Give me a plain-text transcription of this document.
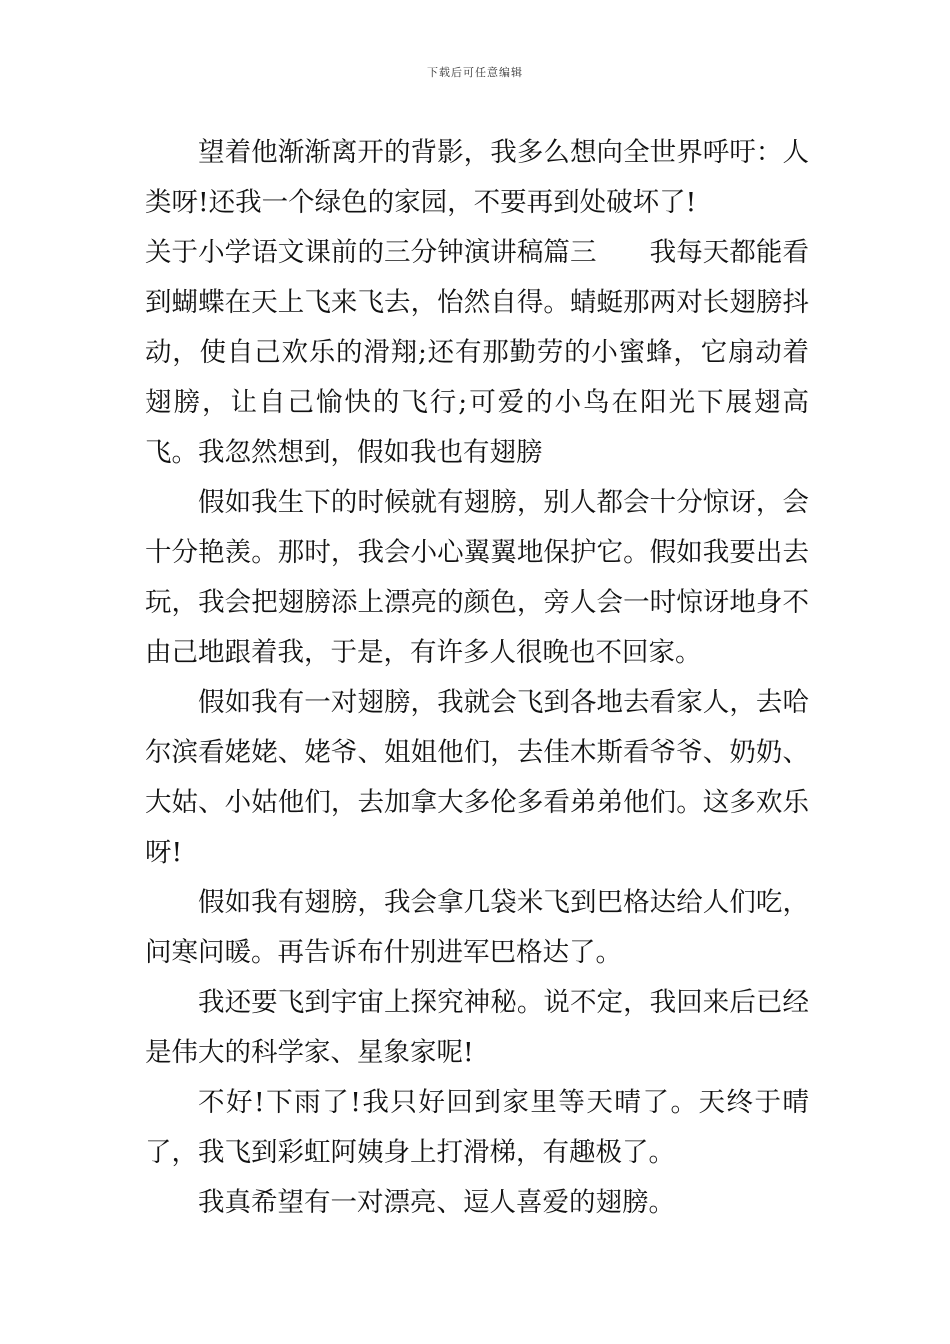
下载后可任意编辑

望着他渐渐离开的背影，我多么想向全世界呼吁：人类呀!还我一个绿色的家园，不要再到处破坏了!

关于小学语文课前的三分钟演讲稿篇三　　我每天都能看到蝴蝶在天上飞来飞去，怡然自得。蜻蜓那两对长翅膀抖动，使自己欢乐的滑翔;还有那勤劳的小蜜蜂，它扇动着翅膀，让自己愉快的飞行;可爱的小鸟在阳光下展翅高飞。我忽然想到，假如我也有翅膀

假如我生下的时候就有翅膀，别人都会十分惊讶，会十分艳羡。那时，我会小心翼翼地保护它。假如我要出去玩，我会把翅膀添上漂亮的颜色，旁人会一时惊讶地身不由己地跟着我，于是，有许多人很晚也不回家。

假如我有一对翅膀，我就会飞到各地去看家人，去哈尔滨看姥姥、姥爷、姐姐他们，去佳木斯看爷爷、奶奶、大姑、小姑他们，去加拿大多伦多看弟弟他们。这多欢乐呀!

假如我有翅膀，我会拿几袋米飞到巴格达给人们吃，问寒问暖。再告诉布什别进军巴格达了。

我还要飞到宇宙上探究神秘。说不定，我回来后已经是伟大的科学家、星象家呢!

不好!下雨了!我只好回到家里等天晴了。天终于晴了，我飞到彩虹阿姨身上打滑梯，有趣极了。

我真希望有一对漂亮、逗人喜爱的翅膀。
